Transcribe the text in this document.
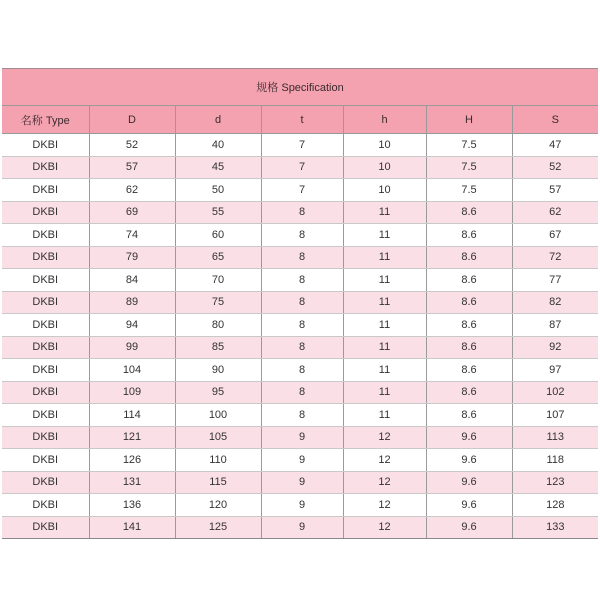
规格 Specification						
名称 Type	D	d	t	h	H	S
DKBI	52	40	7	10	7.5	47
DKBI	57	45	7	10	7.5	52
DKBI	62	50	7	10	7.5	57
DKBI	69	55	8	11	8.6	62
DKBI	74	60	8	11	8.6	67
DKBI	79	65	8	11	8.6	72
DKBI	84	70	8	11	8.6	77
DKBI	89	75	8	11	8.6	82
DKBI	94	80	8	11	8.6	87
DKBI	99	85	8	11	8.6	92
DKBI	104	90	8	11	8.6	97
DKBI	109	95	8	11	8.6	102
DKBI	114	100	8	11	8.6	107
DKBI	121	105	9	12	9.6	113
DKBI	126	110	9	12	9.6	118
DKBI	131	115	9	12	9.6	123
DKBI	136	120	9	12	9.6	128
DKBI	141	125	9	12	9.6	133
